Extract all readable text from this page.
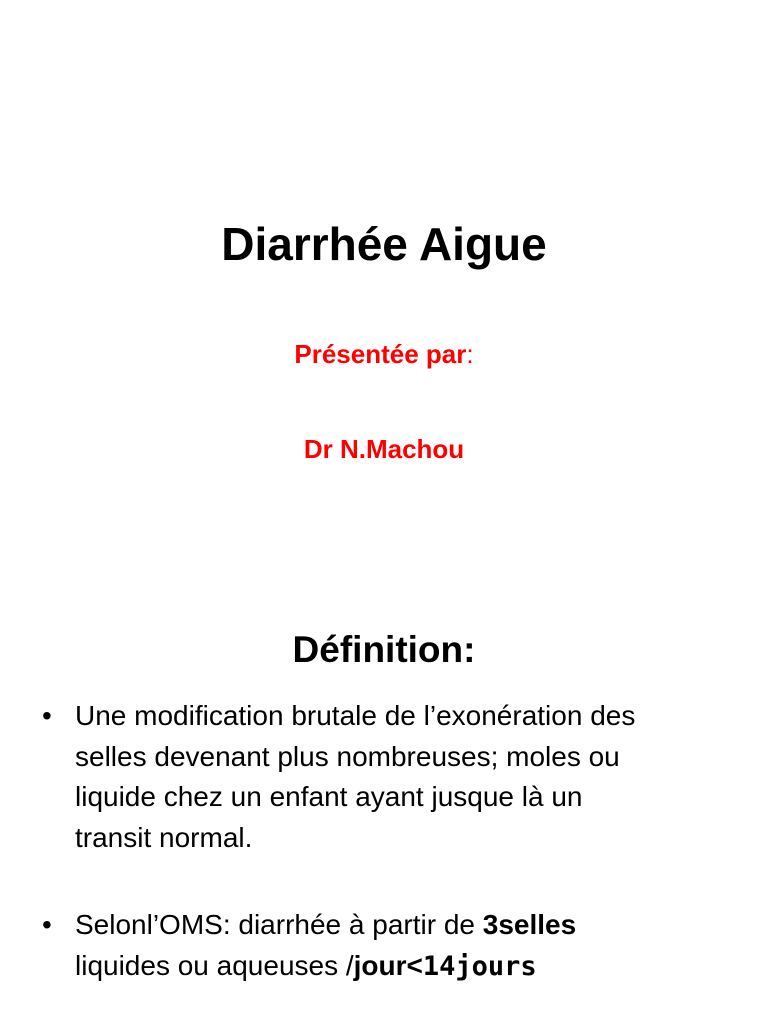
Diarrhée Aigue

Présentée par:

Dr N.Machou

Définition:
• Une modification brutale de l’exonération des
selles devenant plus nombreuses; moles ou
liquide chez un enfant ayant jusque là un
transit normal.
• Selonl’OMS: diarrhée à partir de 3selles
liquides ou aqueuses /jour<14jours
